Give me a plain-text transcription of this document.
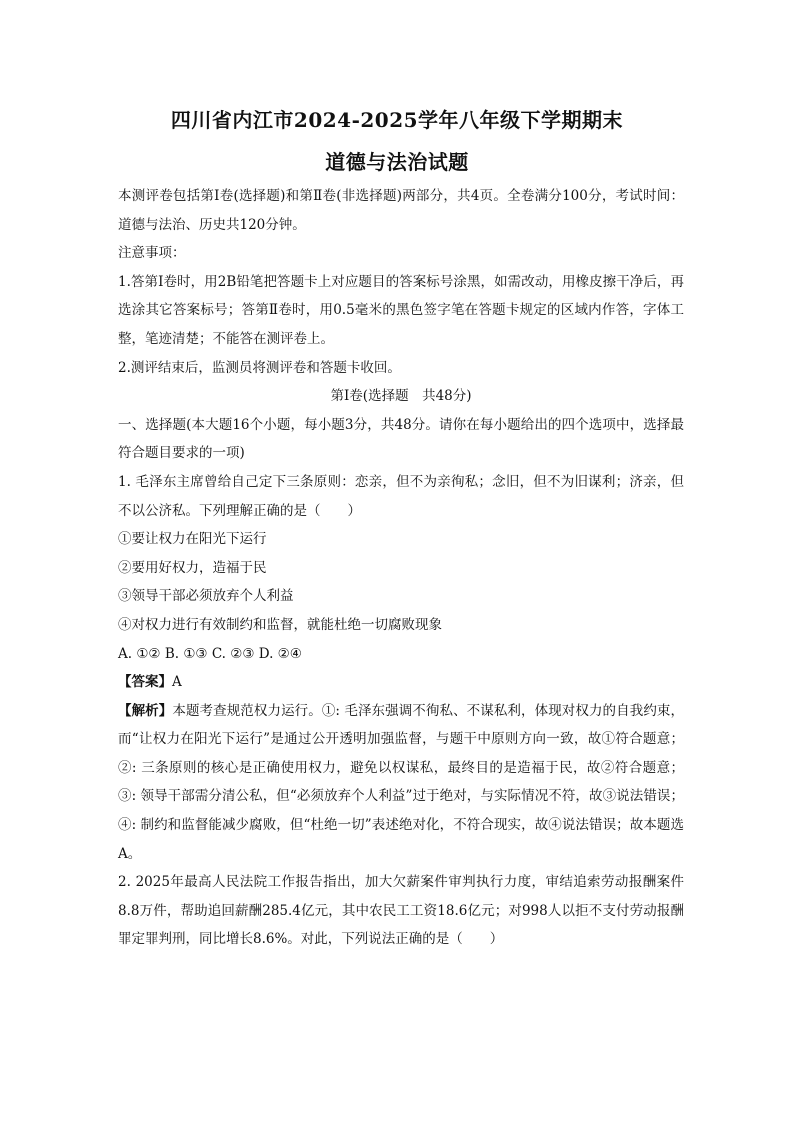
四川省内江市2024-2025学年八年级下学期期末
道德与法治试题

本测评卷包括第Ⅰ卷(选择题)和第Ⅱ卷(非选择题)两部分，共4页。全卷满分100分，考试时间：道德与法治、历史共120分钟。

注意事项：

1.答第Ⅰ卷时，用2B铅笔把答题卡上对应题目的答案标号涂黑，如需改动，用橡皮擦干净后，再选涂其它答案标号；答第Ⅱ卷时，用0.5毫米的黑色签字笔在答题卡规定的区域内作答，字体工整，笔迹清楚；不能答在测评卷上。

2.测评结束后，监测员将测评卷和答题卡收回。

第Ⅰ卷(选择题　共48分)

一、选择题(本大题16个小题，每小题3分，共48分。请你在每小题给出的四个选项中，选择最符合题目要求的一项)

1. 毛泽东主席曾给自己定下三条原则：恋亲，但不为亲徇私；念旧，但不为旧谋利；济亲，但不以公济私。下列理解正确的是（　　）

①要让权力在阳光下运行

②要用好权力，造福于民

③领导干部必须放弃个人利益

④对权力进行有效制约和监督，就能杜绝一切腐败现象

A. ①② B. ①③ C. ②③ D. ②④

【答案】A

【解析】本题考查规范权力运行。①: 毛泽东强调不徇私、不谋私利，体现对权力的自我约束，而“让权力在阳光下运行”是通过公开透明加强监督，与题干中原则方向一致，故①符合题意；②: 三条原则的核心是正确使用权力，避免以权谋私，最终目的是造福于民，故②符合题意；③: 领导干部需分清公私，但“必须放弃个人利益”过于绝对，与实际情况不符，故③说法错误；④: 制约和监督能减少腐败，但“杜绝一切”表述绝对化，不符合现实，故④说法错误；故本题选A。

2. 2025年最高人民法院工作报告指出，加大欠薪案件审判执行力度，审结追索劳动报酬案件8.8万件，帮助追回薪酬285.4亿元，其中农民工工资18.6亿元；对998人以拒不支付劳动报酬罪定罪判刑，同比增长8.6%。对此，下列说法正确的是（　　）
